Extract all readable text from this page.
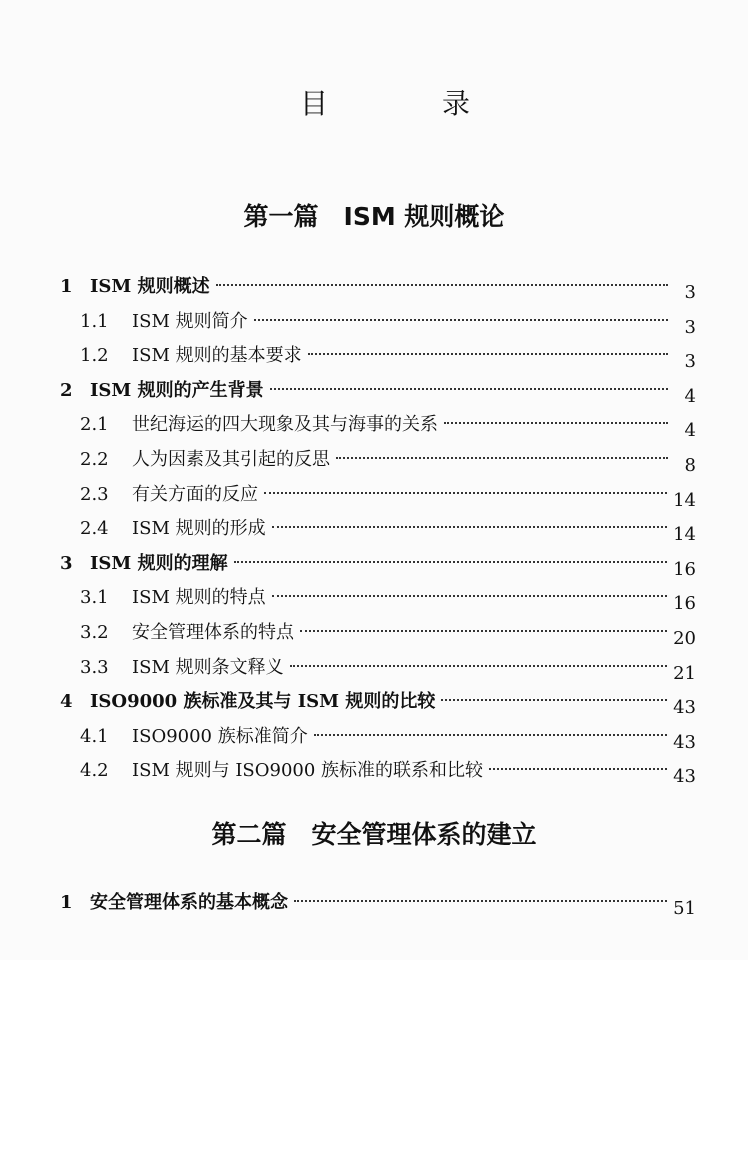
目	录
第一篇　ISM 规则概论
1 ISM 规则概述	3
1.1 ISM 规则简介	3
1.2 ISM 规则的基本要求	3
2 ISM 规则的产生背景	4
2.1 世纪海运的四大现象及其与海事的关系	4
2.2 人为因素及其引起的反思	8
2.3 有关方面的反应	14
2.4 ISM 规则的形成	14
3 ISM 规则的理解	16
3.1 ISM 规则的特点	16
3.2 安全管理体系的特点	20
3.3 ISM 规则条文释义	21
4 ISO9000 族标准及其与 ISM 规则的比较	43
4.1 ISO9000 族标准简介	43
4.2 ISM 规则与 ISO9000 族标准的联系和比较	43
第二篇　安全管理体系的建立
1 安全管理体系的基本概念	51
